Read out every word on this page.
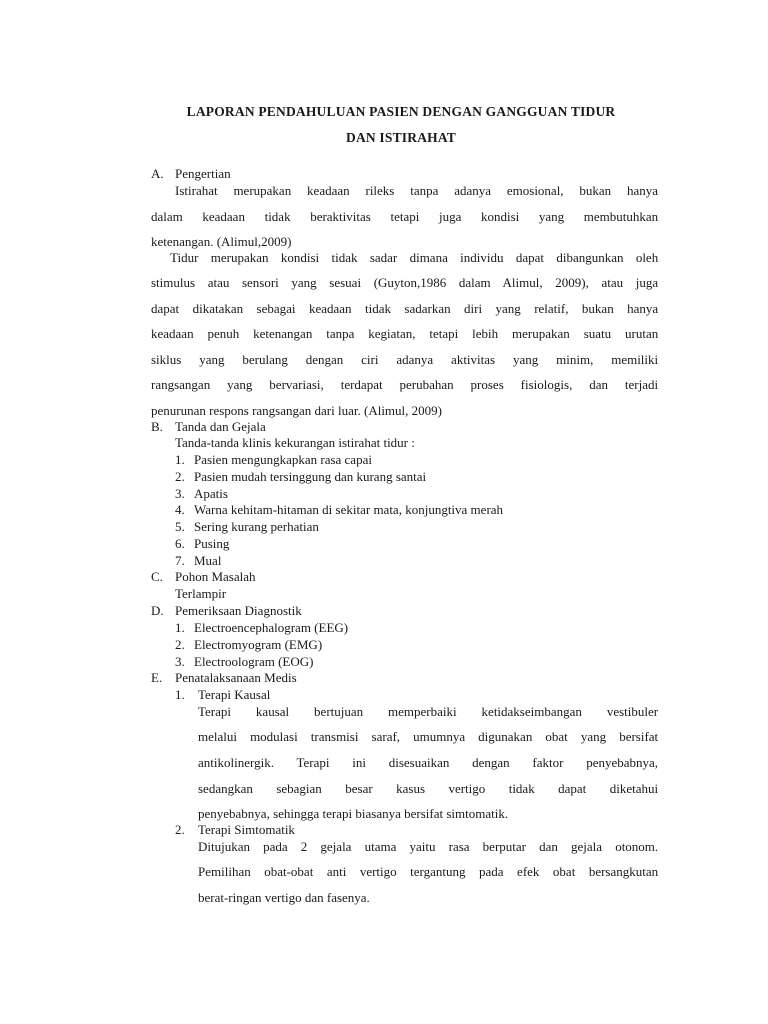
LAPORAN PENDAHULUAN PASIEN DENGAN GANGGUAN TIDUR
DAN ISTIRAHAT
A. Pengertian
Istirahat merupakan keadaan rileks tanpa adanya emosional, bukan hanya
dalam keadaan tidak beraktivitas tetapi juga kondisi yang membutuhkan
ketenangan. (Alimul,2009)
Tidur merupakan kondisi tidak sadar dimana individu dapat dibangunkan oleh
stimulus atau sensori yang sesuai (Guyton,1986 dalam Alimul, 2009), atau juga
dapat dikatakan sebagai keadaan tidak sadarkan diri yang relatif, bukan hanya
keadaan penuh ketenangan tanpa kegiatan, tetapi lebih merupakan suatu urutan
siklus yang berulang dengan ciri adanya aktivitas yang minim, memiliki
rangsangan yang bervariasi, terdapat perubahan proses fisiologis, dan terjadi
penurunan respons rangsangan dari luar. (Alimul, 2009)
B. Tanda dan Gejala
Tanda-tanda klinis kekurangan istirahat tidur :
1. Pasien mengungkapkan rasa capai
2. Pasien mudah tersinggung dan kurang santai
3. Apatis
4. Warna kehitam-hitaman di sekitar mata, konjungtiva merah
5. Sering kurang perhatian
6. Pusing
7. Mual
C. Pohon Masalah
Terlampir
D. Pemeriksaan Diagnostik
1. Electroencephalogram (EEG)
2. Electromyogram (EMG)
3. Electroologram (EOG)
E. Penatalaksanaan Medis
1. Terapi Kausal
Terapi kausal bertujuan memperbaiki ketidakseimbangan vestibuler
melalui modulasi transmisi saraf, umumnya digunakan obat yang bersifat
antikolinergik. Terapi ini disesuaikan dengan faktor penyebabnya,
sedangkan sebagian besar kasus vertigo tidak dapat diketahui
penyebabnya, sehingga terapi biasanya bersifat simtomatik.
2. Terapi Simtomatik
Ditujukan pada 2 gejala utama yaitu rasa berputar dan gejala otonom.
Pemilihan obat-obat anti vertigo tergantung pada efek obat bersangkutan
berat-ringan vertigo dan fasenya.
